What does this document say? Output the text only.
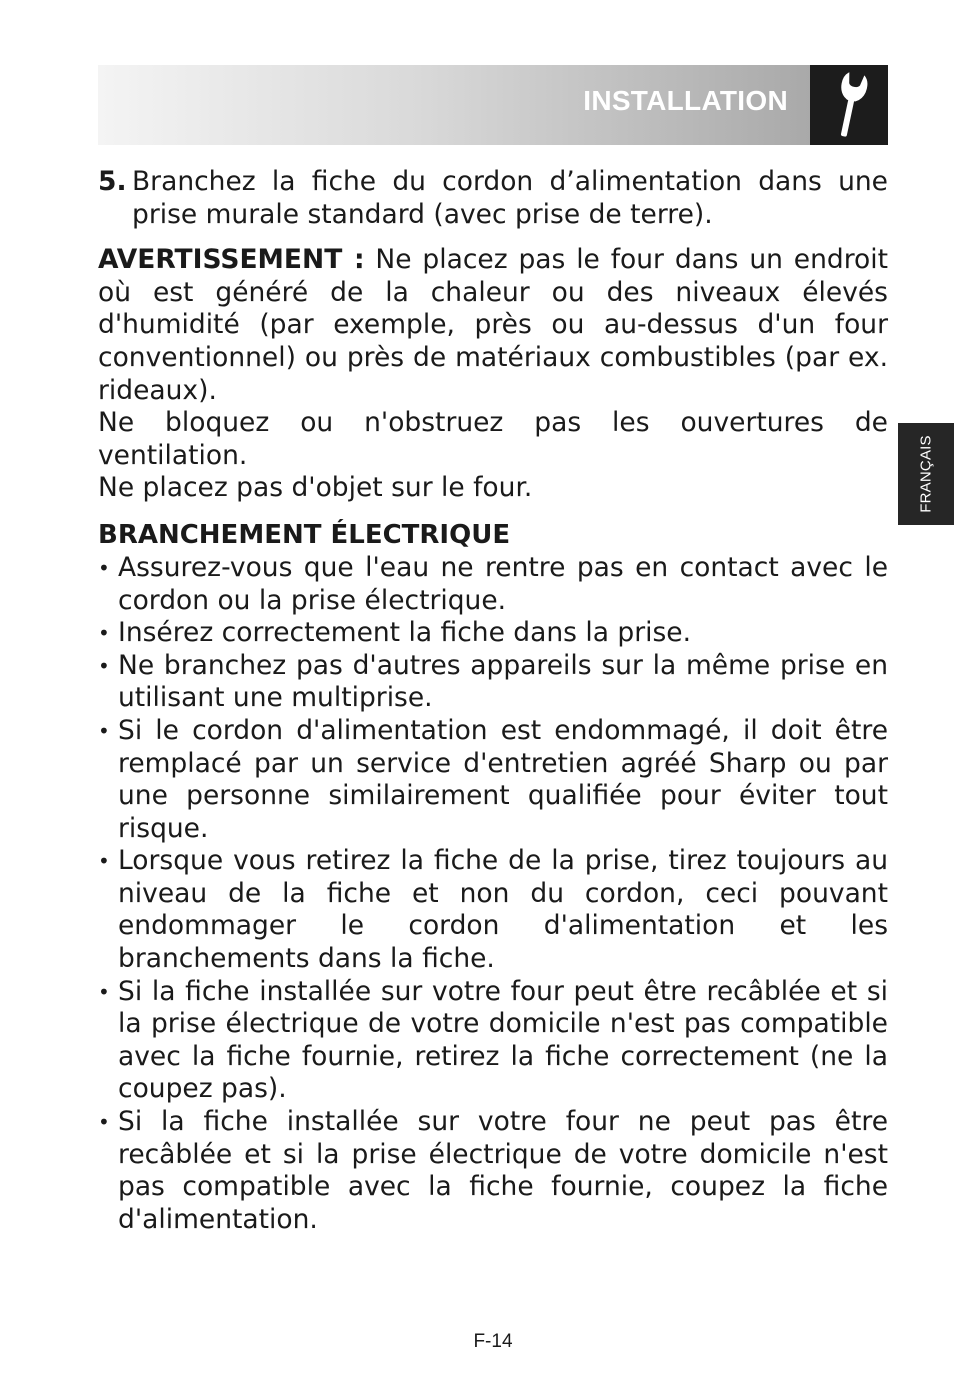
INSTALLATION
FRANÇAIS
5. Branchez la fiche du cordon d’alimentation dans une prise murale standard (avec prise de terre).
AVERTISSEMENT : Ne placez pas le four dans un endroit où est généré de la chaleur ou des niveaux élevés d'humidité (par exemple, près ou au-dessus d'un four conventionnel) ou près de matériaux combustibles (par ex. rideaux).
Ne bloquez ou n'obstruez pas les ouvertures de ventilation.
Ne placez pas d'objet sur le four.
BRANCHEMENT ÉLECTRIQUE
• Assurez-vous que l'eau ne rentre pas en contact avec le cordon ou la prise électrique.
• Insérez correctement la fiche dans la prise.
• Ne branchez pas d'autres appareils sur la même prise en utilisant une multiprise.
• Si le cordon d'alimentation est endommagé, il doit être remplacé par un service d'entretien agréé Sharp ou par une personne similairement qualifiée pour éviter tout risque.
• Lorsque vous retirez la fiche de la prise, tirez toujours au niveau de la fiche et non du cordon, ceci pouvant endommager le cordon d'alimentation et les branchements dans la fiche.
• Si la fiche installée sur votre four peut être recâblée et si la prise électrique de votre domicile n'est pas compatible avec la fiche fournie, retirez la fiche correctement (ne la coupez pas).
• Si la fiche installée sur votre four ne peut pas être recâblée et si la prise électrique de votre domicile n'est pas compatible avec la fiche fournie, coupez la fiche d'alimentation.
F-14
